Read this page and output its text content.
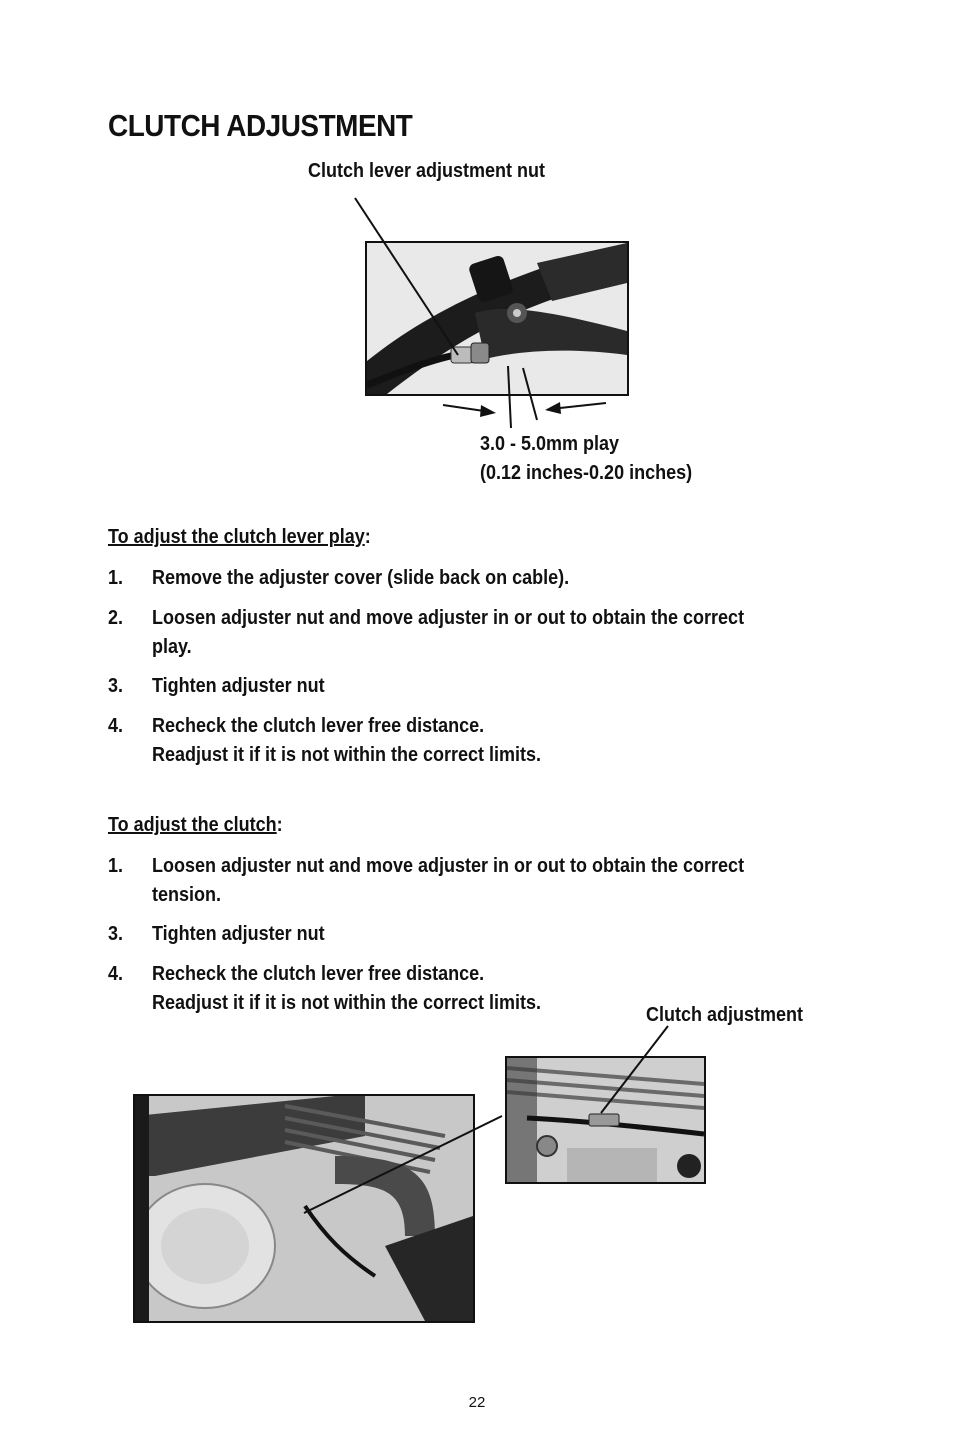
CLUTCH ADJUSTMENT
Clutch lever adjustment nut
3.0 - 5.0mm play
(0.12 inches-0.20 inches)
To adjust the clutch lever play:
1. Remove the adjuster cover (slide back on cable).
2. Loosen adjuster nut and move adjuster in or out to obtain the correct
play.
3. Tighten adjuster nut
4. Recheck the clutch lever free distance.
Readjust it if it is not within the correct limits.
To adjust the clutch:
1. Loosen adjuster nut and move adjuster in or out to obtain the correct
tension.
3. Tighten adjuster nut
4. Recheck the clutch lever free distance.
Readjust it if it is not within the correct limits.
Clutch adjustment
22
